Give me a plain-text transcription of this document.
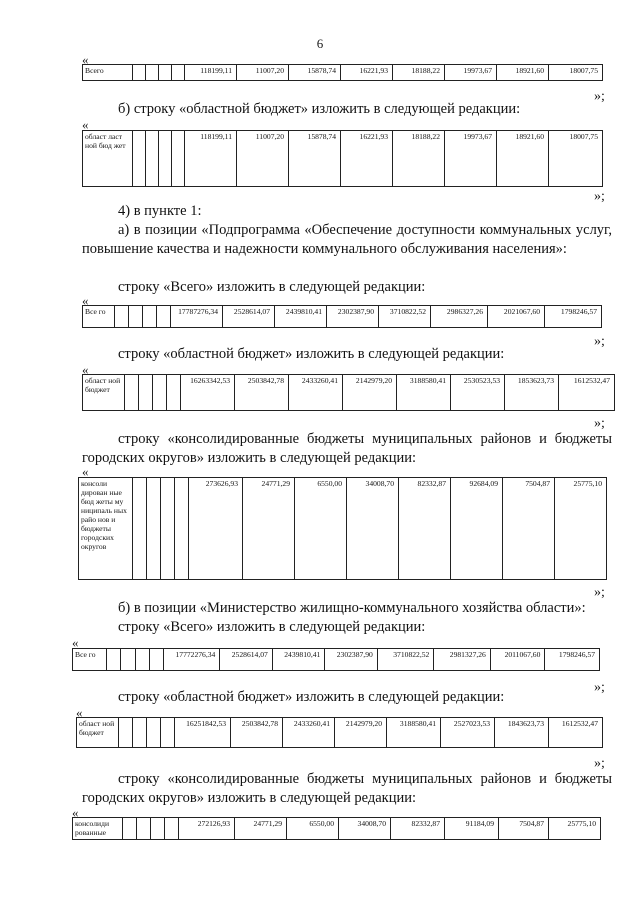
6
«
Всего					118199,11	11007,20	15878,74	16221,93	18188,22	19973,67	18921,60	18007,75
»;
б) строку «областной бюджет» изложить в следующей редакции:
«
област ласт ной бюд жет					118199,11	11007,20	15878,74	16221,93	18188,22	19973,67	18921,60	18007,75
»;
4) в пункте 1:
а) в позиции «Подпрограмма «Обеспечение доступности коммунальных услуг, повышение качества и надежности коммунального обслуживания населения»:
строку «Всего» изложить в следующей редакции:
«
Все го					17787276,34	2528614,07	2439810,41	2302387,90	3710822,52	2986327,26	2021067,60	1798246,57
»;
строку «областной бюджет» изложить в следующей редакции:
«
област ной бюджет					16263342,53	2503842,78	2433260,41	2142979,20	3188580,41	2530523,53	1853623,73	1612532,47
»;
строку «консолидированные бюджеты муниципальных районов и бюджеты городских округов» изложить в следующей редакции:
«
консоли дирован ные бюд жеты му ниципаль ных райо нов и бюджеты городских округов					273626,93	24771,29	6550,00	34008,70	82332,87	92684,09	7504,87	25775,10
»;
б) в позиции «Министерство жилищно-коммунального хозяйства области»:
строку «Всего» изложить в следующей редакции:
«
Все го					17772276,34	2528614,07	2439810,41	2302387,90	3710822,52	2981327,26	2011067,60	1798246,57
»;
строку «областной бюджет» изложить в следующей редакции:
«
област ной бюджет					16251842,53	2503842,78	2433260,41	2142979,20	3188580,41	2527023,53	1843623,73	1612532,47
»;
строку «консолидированные бюджеты муниципальных районов и бюджеты городских округов» изложить в следующей редакции:
«
консолиди рованные					272126,93	24771,29	6550,00	34008,70	82332,87	91184,09	7504,87	25775,10
